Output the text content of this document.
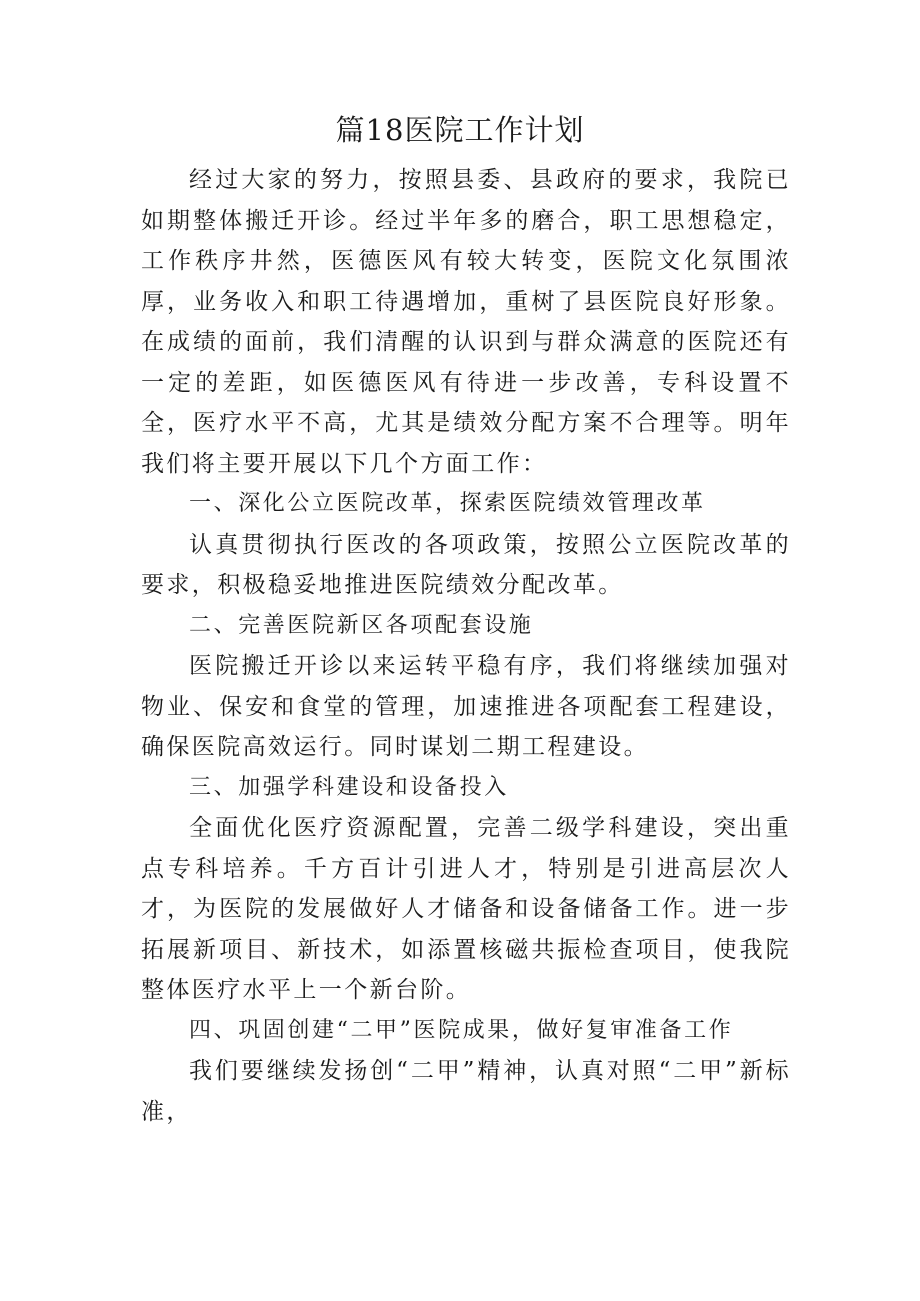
篇18医院工作计划

经过大家的努力，按照县委、县政府的要求，我院已如期整体搬迁开诊。经过半年多的磨合，职工思想稳定，工作秩序井然，医德医风有较大转变，医院文化氛围浓厚，业务收入和职工待遇增加，重树了县医院良好形象。在成绩的面前，我们清醒的认识到与群众满意的医院还有一定的差距，如医德医风有待进一步改善，专科设置不全，医疗水平不高，尤其是绩效分配方案不合理等。明年我们将主要开展以下几个方面工作：

一、深化公立医院改革，探索医院绩效管理改革

认真贯彻执行医改的各项政策，按照公立医院改革的要求，积极稳妥地推进医院绩效分配改革。

二、完善医院新区各项配套设施

医院搬迁开诊以来运转平稳有序，我们将继续加强对物业、保安和食堂的管理，加速推进各项配套工程建设，确保医院高效运行。同时谋划二期工程建设。

三、加强学科建设和设备投入

全面优化医疗资源配置，完善二级学科建设，突出重点专科培养。千方百计引进人才，特别是引进高层次人才，为医院的发展做好人才储备和设备储备工作。进一步拓展新项目、新技术，如添置核磁共振检查项目，使我院整体医疗水平上一个新台阶。

四、巩固创建“二甲”医院成果，做好复审准备工作

我们要继续发扬创“二甲”精神，认真对照“二甲”新标准，
